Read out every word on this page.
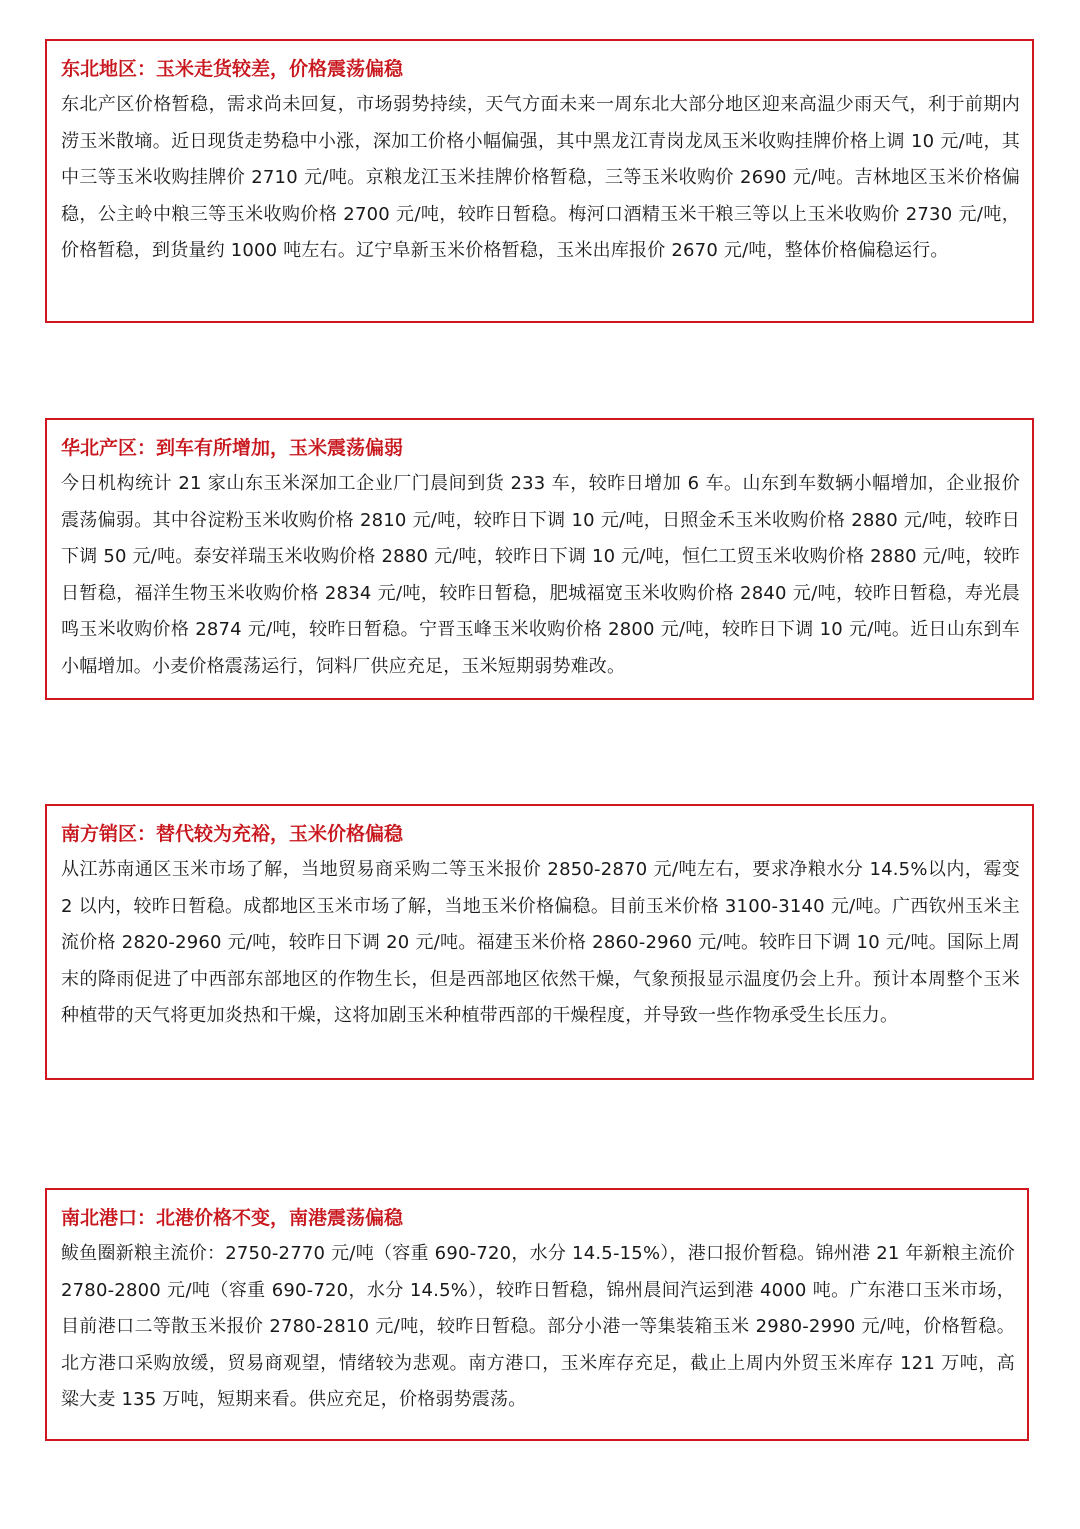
东北地区：玉米走货较差，价格震荡偏稳

东北产区价格暂稳，需求尚未回复，市场弱势持续，天气方面未来一周东北大部分地区迎来高温少雨天气，利于前期内涝玉米散墒。近日现货走势稳中小涨，深加工价格小幅偏强，其中黑龙江青岗龙凤玉米收购挂牌价格上调 10 元/吨，其中三等玉米收购挂牌价 2710 元/吨。京粮龙江玉米挂牌价格暂稳，三等玉米收购价 2690 元/吨。吉林地区玉米价格偏稳，公主岭中粮三等玉米收购价格 2700 元/吨，较昨日暂稳。梅河口酒精玉米干粮三等以上玉米收购价 2730 元/吨，价格暂稳，到货量约 1000 吨左右。辽宁阜新玉米价格暂稳，玉米出库报价 2670 元/吨，整体价格偏稳运行。

华北产区：到车有所增加，玉米震荡偏弱

今日机构统计 21 家山东玉米深加工企业厂门晨间到货 233 车，较昨日增加 6 车。山东到车数辆小幅增加，企业报价震荡偏弱。其中谷淀粉玉米收购价格 2810 元/吨，较昨日下调 10 元/吨，日照金禾玉米收购价格 2880 元/吨，较昨日下调 50 元/吨。泰安祥瑞玉米收购价格 2880 元/吨，较昨日下调 10 元/吨，恒仁工贸玉米收购价格 2880 元/吨，较昨日暂稳，福洋生物玉米收购价格 2834 元/吨，较昨日暂稳，肥城福宽玉米收购价格 2840 元/吨，较昨日暂稳，寿光晨鸣玉米收购价格 2874 元/吨，较昨日暂稳。宁晋玉峰玉米收购价格 2800 元/吨，较昨日下调 10 元/吨。近日山东到车小幅增加。小麦价格震荡运行，饲料厂供应充足，玉米短期弱势难改。

南方销区：替代较为充裕，玉米价格偏稳

从江苏南通区玉米市场了解，当地贸易商采购二等玉米报价 2850-2870 元/吨左右，要求净粮水分 14.5%以内，霉变 2 以内，较昨日暂稳。成都地区玉米市场了解，当地玉米价格偏稳。目前玉米价格 3100-3140 元/吨。广西钦州玉米主流价格 2820-2960 元/吨，较昨日下调 20 元/吨。福建玉米价格 2860-2960 元/吨。较昨日下调 10 元/吨。国际上周末的降雨促进了中西部东部地区的作物生长，但是西部地区依然干燥，气象预报显示温度仍会上升。预计本周整个玉米种植带的天气将更加炎热和干燥，这将加剧玉米种植带西部的干燥程度，并导致一些作物承受生长压力。

南北港口：北港价格不变，南港震荡偏稳

鲅鱼圈新粮主流价：2750-2770 元/吨（容重 690-720，水分 14.5-15%），港口报价暂稳。锦州港 21 年新粮主流价 2780-2800 元/吨（容重 690-720，水分 14.5%），较昨日暂稳，锦州晨间汽运到港 4000 吨。广东港口玉米市场，目前港口二等散玉米报价 2780-2810 元/吨，较昨日暂稳。部分小港一等集装箱玉米 2980-2990 元/吨，价格暂稳。北方港口采购放缓，贸易商观望，情绪较为悲观。南方港口，玉米库存充足，截止上周内外贸玉米库存 121 万吨，高粱大麦 135 万吨，短期来看。供应充足，价格弱势震荡。
